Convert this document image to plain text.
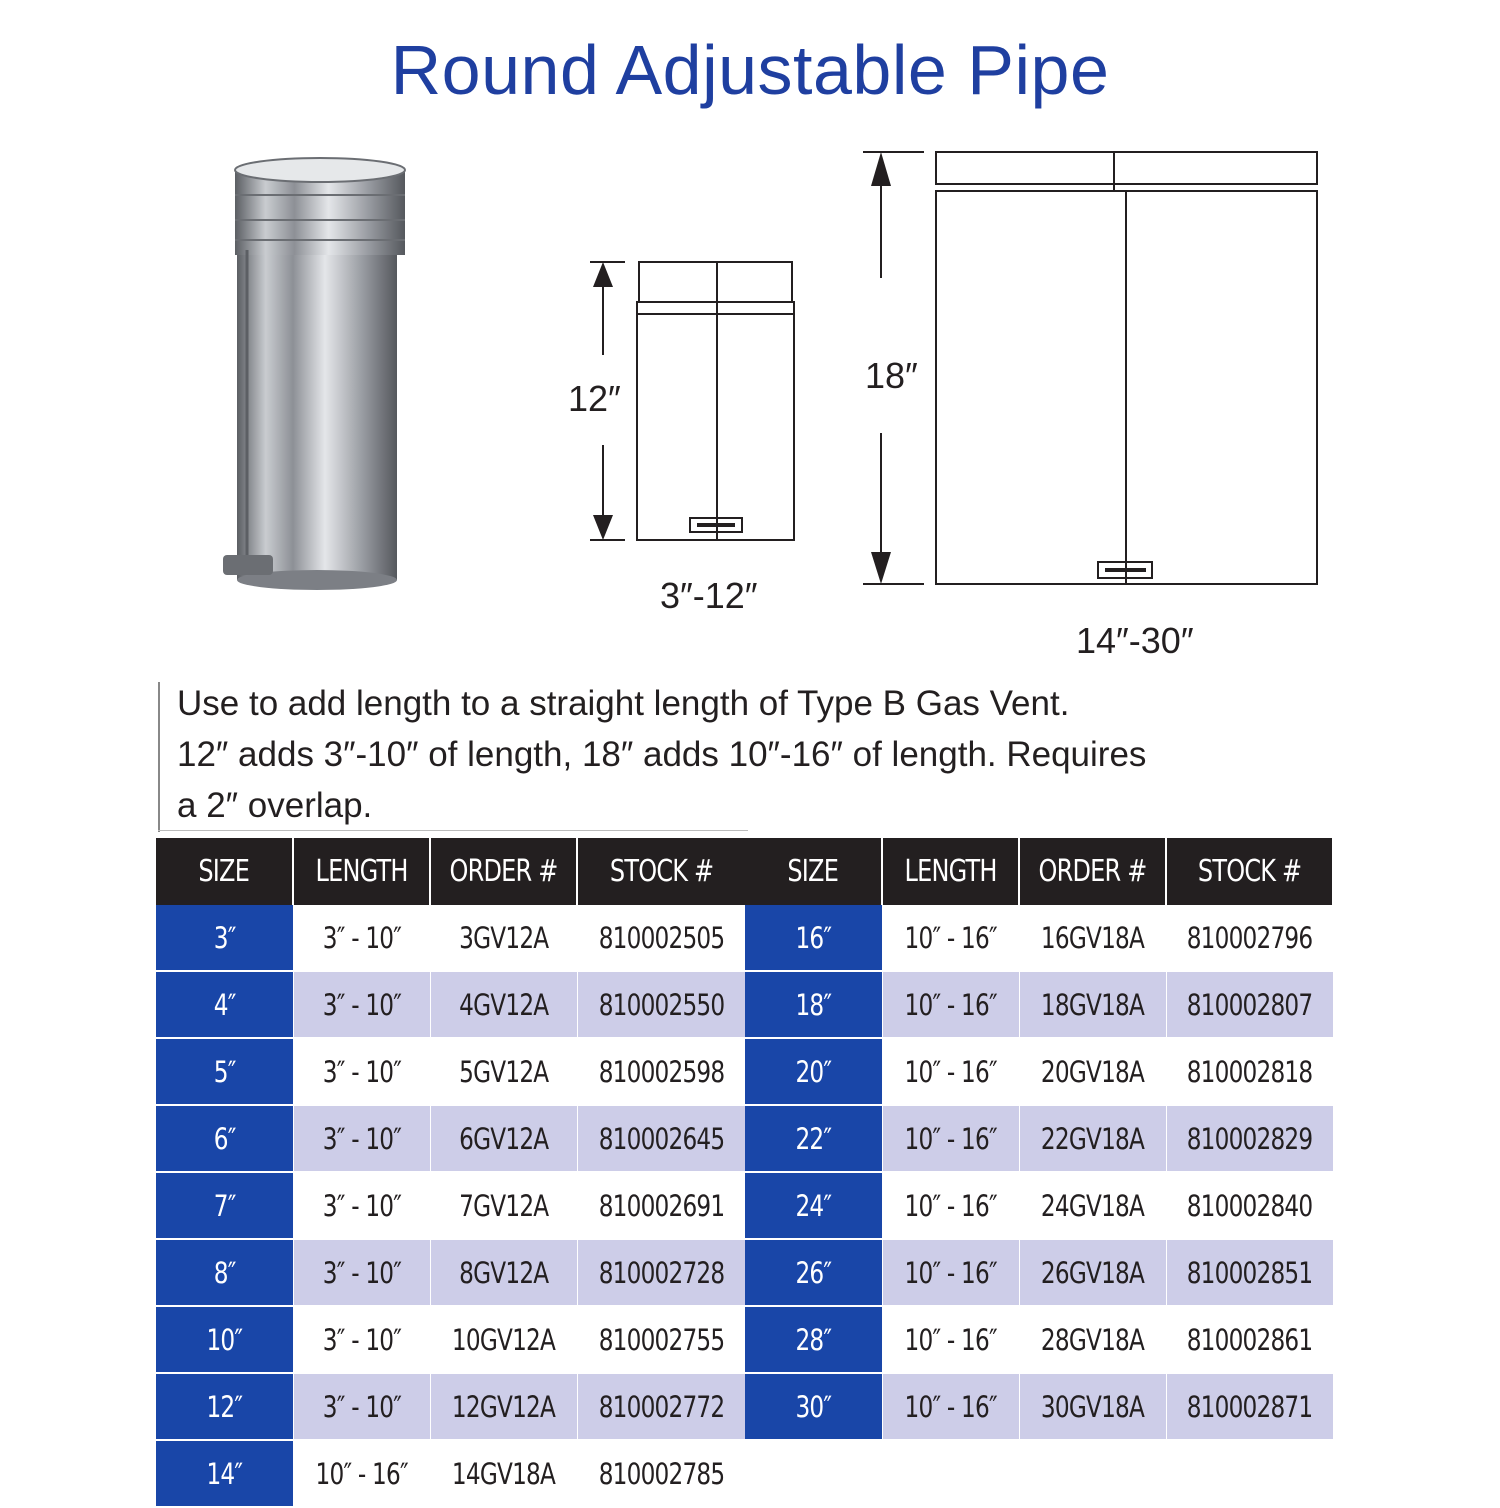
Round Adjustable Pipe
12″
3″-12″
18″
14″-30″
Use to add length to a straight length of Type B Gas Vent.
12″ adds 3″-10″ of length, 18″ adds 10″-16″ of length. Requires
a 2″ overlap.
SIZE	LENGTH	ORDER #	STOCK #
3″	3″ - 10″	3GV12A	810002505
4″	3″ - 10″	4GV12A	810002550
5″	3″ - 10″	5GV12A	810002598
6″	3″ - 10″	6GV12A	810002645
7″	3″ - 10″	7GV12A	810002691
8″	3″ - 10″	8GV12A	810002728
10″	3″ - 10″	10GV12A	810002755
12″	3″ - 10″	12GV12A	810002772
14″	10″ - 16″	14GV18A	810002785
SIZE	LENGTH	ORDER #	STOCK #
16″	10″ - 16″	16GV18A	810002796
18″	10″ - 16″	18GV18A	810002807
20″	10″ - 16″	20GV18A	810002818
22″	10″ - 16″	22GV18A	810002829
24″	10″ - 16″	24GV18A	810002840
26″	10″ - 16″	26GV18A	810002851
28″	10″ - 16″	28GV18A	810002861
30″	10″ - 16″	30GV18A	810002871
